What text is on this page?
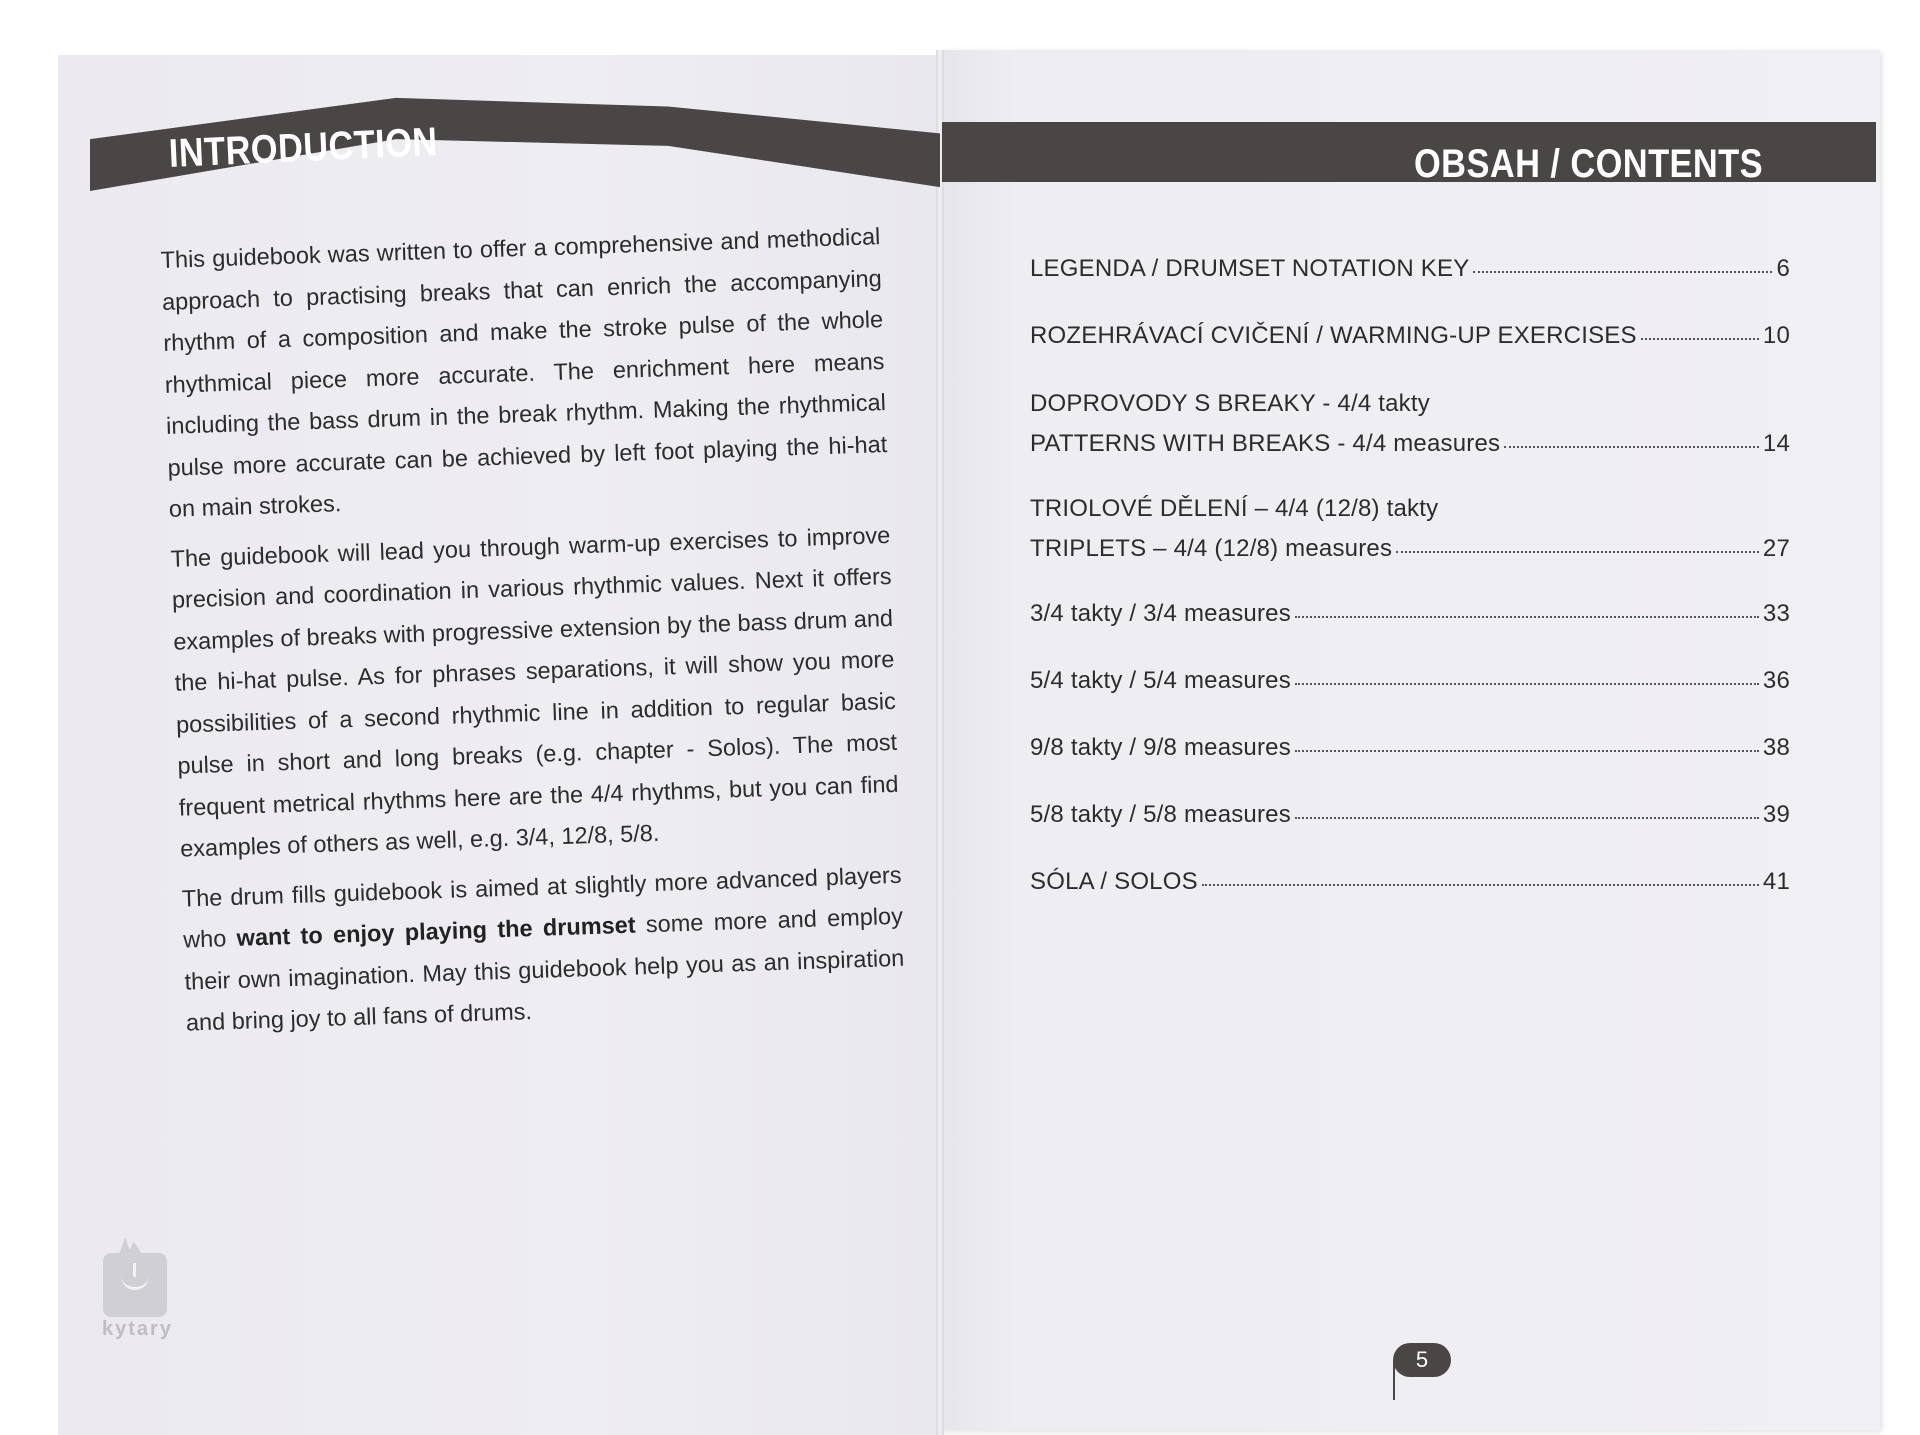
INTRODUCTION	OBSAH / CONTENTS

This guidebook was written to offer a comprehensive and methodical approach to practising breaks that can enrich the accompanying rhythm of a composition and make the stroke pulse of the whole rhythmical piece more accurate. The enrichment here means including the bass drum in the break rhythm. Making the rhythmical pulse more accurate can be achieved by left foot playing the hi-hat on main strokes.

The guidebook will lead you through warm-up exercises to improve precision and coordination in various rhythmic values. Next it offers examples of breaks with progressive extension by the bass drum and the hi-hat pulse. As for phrases separations, it will show you more possibilities of a second rhythmic line in addition to regular basic pulse in short and long breaks (e.g. chapter - Solos). The most frequent metrical rhythms here are the 4/4 rhythms, but you can find examples of others as well, e.g. 3/4, 12/8, 5/8.

The drum fills guidebook is aimed at slightly more advanced players who want to enjoy playing the drumset some more and employ their own imagination. May this guidebook help you as an inspiration and bring joy to all fans of drums.

LEGENDA / DRUMSET NOTATION KEY	6
ROZEHRÁVACÍ CVIČENÍ / WARMING-UP EXERCISES	10
DOPROVODY S BREAKY - 4/4 takty
PATTERNS WITH BREAKS - 4/4 measures	14
TRIOLOVÉ DĚLENÍ – 4/4 (12/8) takty
TRIPLETS – 4/4 (12/8) measures	27
3/4 takty / 3/4 measures	33
5/4 takty / 5/4 measures	36
9/8 takty / 9/8 measures	38
5/8 takty / 5/8 measures	39
SÓLA / SOLOS	41
kytary
5
